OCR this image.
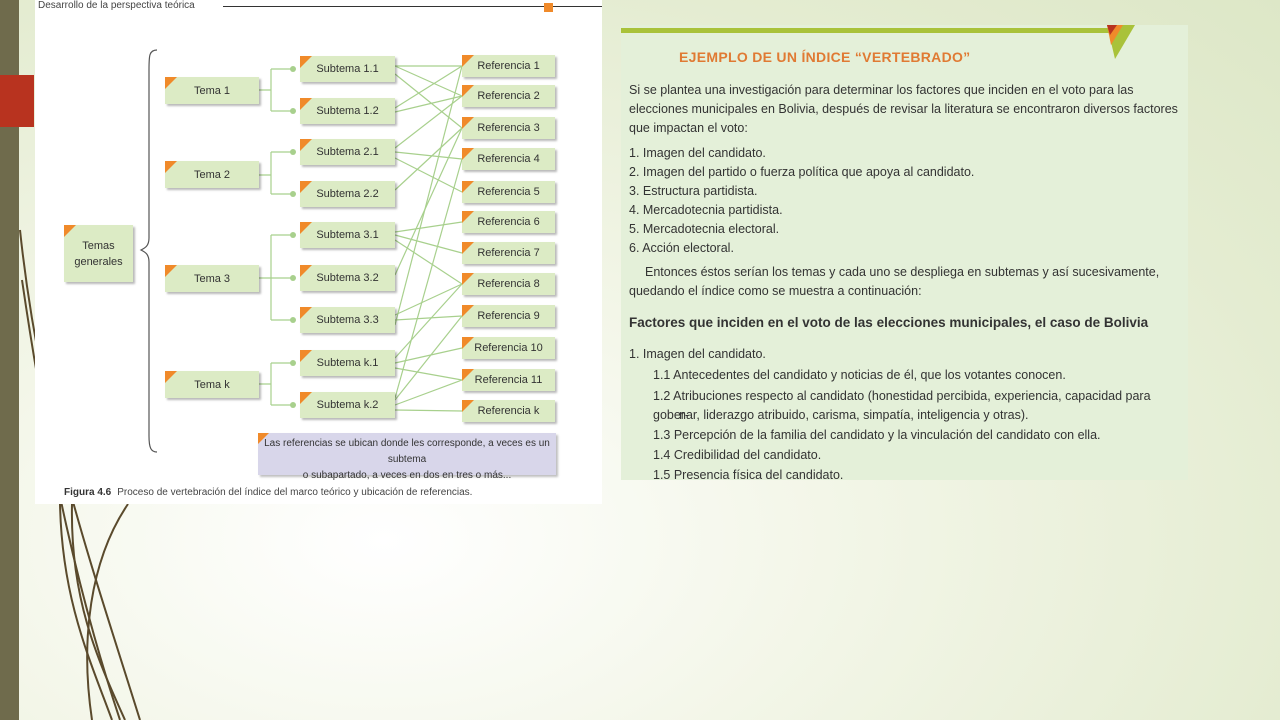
Desarrollo de la perspectiva teórica
Temas
generales
Tema 1
Tema 2
Tema 3
Tema k
Subtema 1.1
Subtema 1.2
Subtema 2.1
Subtema 2.2
Subtema 3.1
Subtema 3.2
Subtema 3.3
Subtema k.1
Subtema k.2
Referencia 1
Referencia 2
Referencia 3
Referencia 4
Referencia 5
Referencia 6
Referencia 7
Referencia 8
Referencia 9
Referencia 10
Referencia 11
Referencia k
Las referencias se ubican donde les corresponde, a veces es un subtema
o subapartado, a veces en dos en tres o más...
Figura 4.6 Proceso de vertebración del índice del marco teórico y ubicación de referencias.
EJEMPLO DE UN ÍNDICE “VERTEBRADO”
Si se plantea una investigación para determinar los factores que inciden en el voto para las elecciones municipales en Bolivia, después de revisar la literatura se encontraron diversos factores que impactan el voto:
1. Imagen del candidato.
2. Imagen del partido o fuerza política que apoya al candidato.
3. Estructura partidista.
4. Mercadotecnia partidista.
5. Mercadotecnia electoral.
6. Acción electoral.
Entonces éstos serían los temas y cada uno se despliega en subtemas y así sucesivamente, quedando el índice como se muestra a continuación:
Factores que inciden en el voto de las elecciones municipales, el caso de Bolivia
1. Imagen del candidato.
1.1 Antecedentes del candidato y noticias de él, que los votantes conocen.
1.2 Atribuciones respecto al candidato (honestidad percibida, experiencia, capacidad para gober-
nar, liderazgo atribuido, carisma, simpatía, inteligencia y otras).
1.3 Percepción de la familia del candidato y la vinculación del candidato con ella.
1.4 Credibilidad del candidato.
1.5 Presencia física del candidato.
